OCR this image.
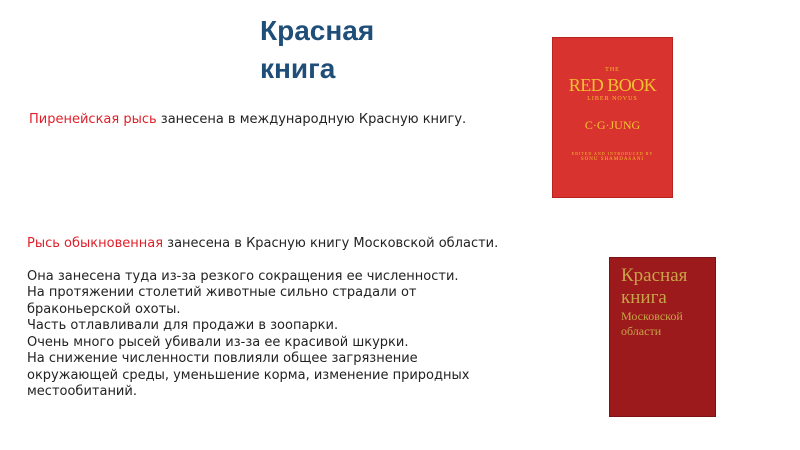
Красная
книга
Пиренейская рысь занесена в международную Красную книгу.
Рысь обыкновенная занесена в Красную книгу Московской области.

Она занесена туда из-за резкого сокращения ее численности.
На протяжении столетий животные сильно страдали от
браконьерской охоты.
Часть отлавливали для продажи в зоопарки.
Очень много рысей убивали из-за ее красивой шкурки.
На снижение численности повлияли общее загрязнение
окружающей среды, уменьшение корма, изменение природных
местообитаний.
THE
RED BOOK
LIBER NOVUS
C·G·JUNG
EDITED AND INTRODUCED BY
SONU SHAMDASANI
Красная
книга
Московской
области
